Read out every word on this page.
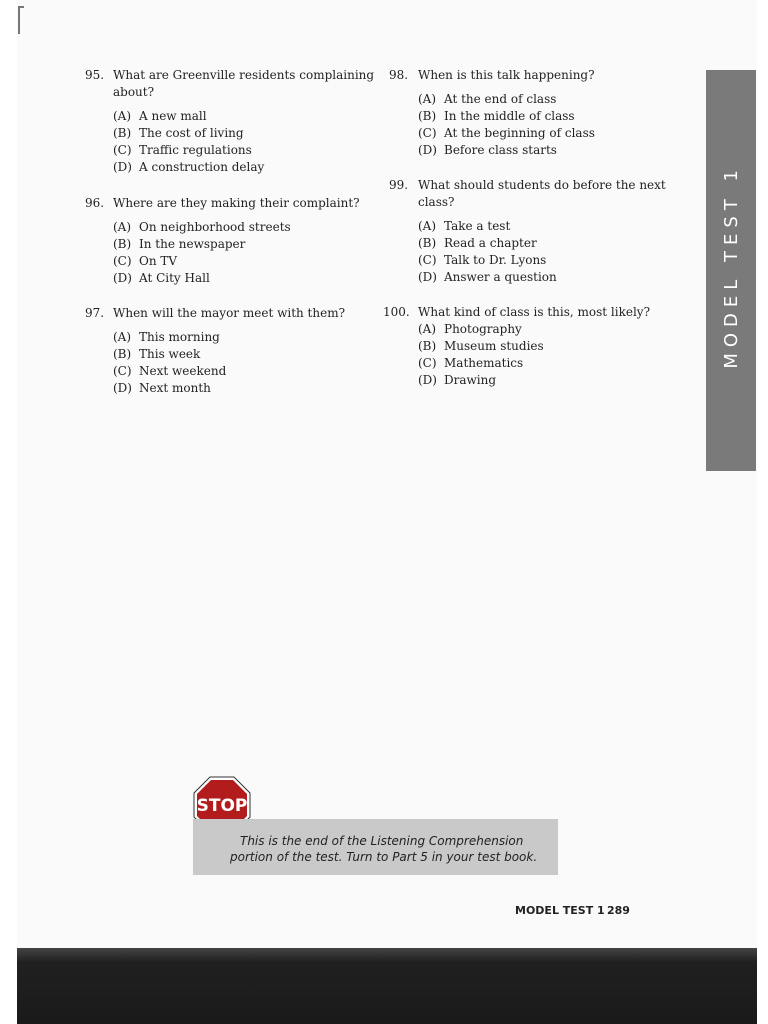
95. What are Greenville residents complaining
about?
(A) A new mall
(B) The cost of living
(C) Traffic regulations
(D) A construction delay
96. Where are they making their complaint?
(A) On neighborhood streets
(B) In the newspaper
(C) On TV
(D) At City Hall
97. When will the mayor meet with them?
(A) This morning
(B) This week
(C) Next weekend
(D) Next month
98. When is this talk happening?
(A) At the end of class
(B) In the middle of class
(C) At the beginning of class
(D) Before class starts
99. What should students do before the next
class?
(A) Take a test
(B) Read a chapter
(C) Talk to Dr. Lyons
(D) Answer a question
100. What kind of class is this, most likely?
(A) Photography
(B) Museum studies
(C) Mathematics
(D) Drawing
MODEL TEST 1
STOP
This is the end of the Listening Comprehension
portion of the test. Turn to Part 5 in your test book.
MODEL TEST 1 289
